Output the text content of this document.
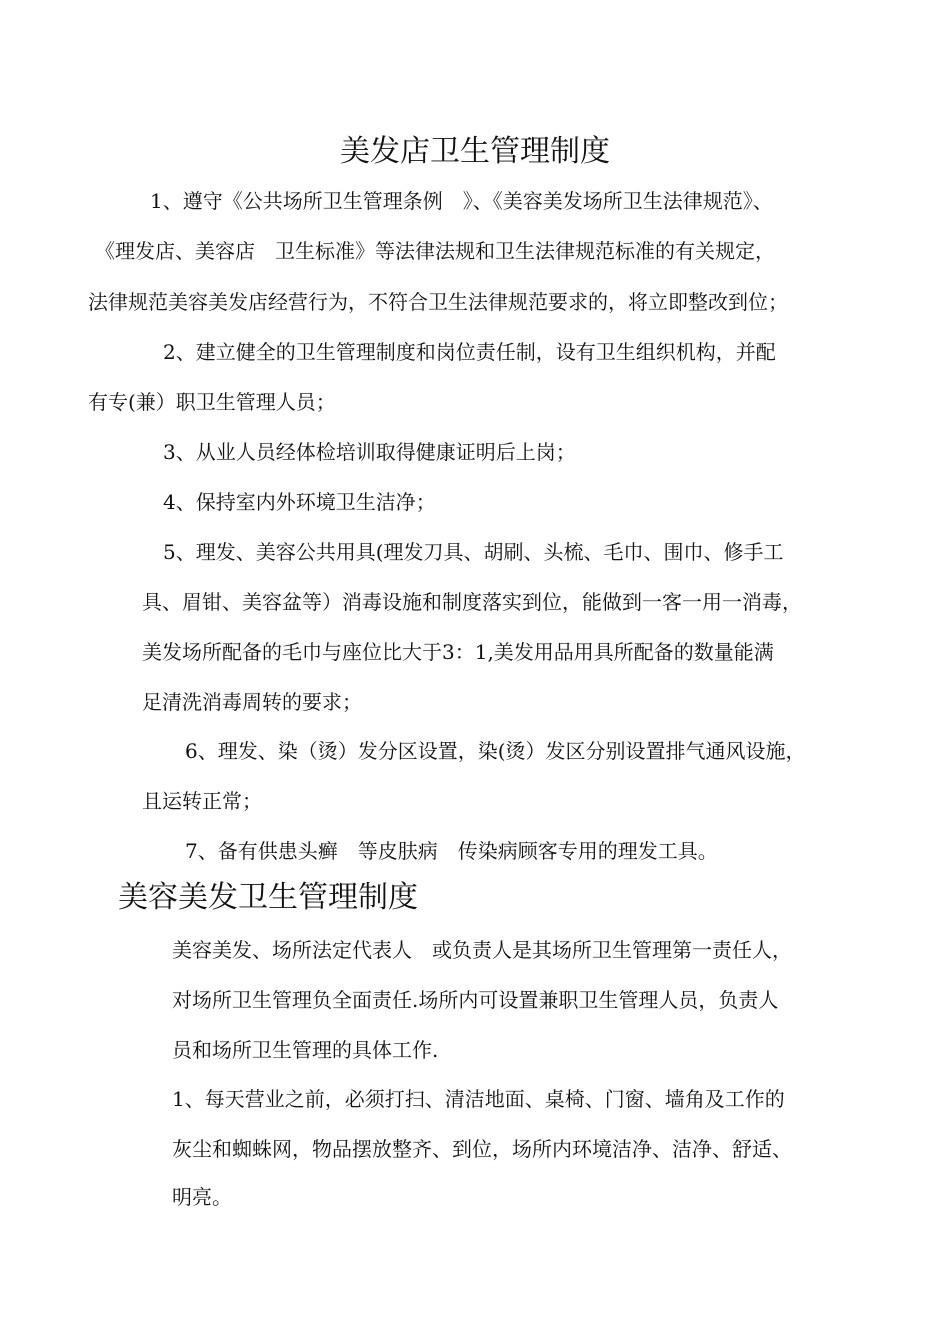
美发店卫生管理制度

1、遵守《公共场所卫生管理条例　》、《美容美发场所卫生法律规范》、

《理发店、美容店　卫生标准》等法律法规和卫生法律规范标准的有关规定，

法律规范美容美发店经营行为，不符合卫生法律规范要求的，将立即整改到位；

2、建立健全的卫生管理制度和岗位责任制，设有卫生组织机构，并配

有专(兼）职卫生管理人员；

3、从业人员经体检培训取得健康证明后上岗；

4、保持室内外环境卫生洁净；

5、理发、美容公共用具(理发刀具、胡刷、头梳、毛巾、围巾、修手工

具、眉钳、美容盆等）消毒设施和制度落实到位，能做到一客一用一消毒，

美发场所配备的毛巾与座位比大于3：1,美发用品用具所配备的数量能满

足清洗消毒周转的要求；

6、理发、染（烫）发分区设置，染(烫）发区分别设置排气通风设施，

且运转正常；

7、备有供患头癣　等皮肤病　传染病顾客专用的理发工具。

美容美发卫生管理制度

美容美发、场所法定代表人　或负责人是其场所卫生管理第一责任人，

对场所卫生管理负全面责任.场所内可设置兼职卫生管理人员，负责人

员和场所卫生管理的具体工作.

1、每天营业之前，必须打扫、清洁地面、桌椅、门窗、墙角及工作的

灰尘和蜘蛛网，物品摆放整齐、到位，场所内环境洁净、洁净、舒适、

明亮。
